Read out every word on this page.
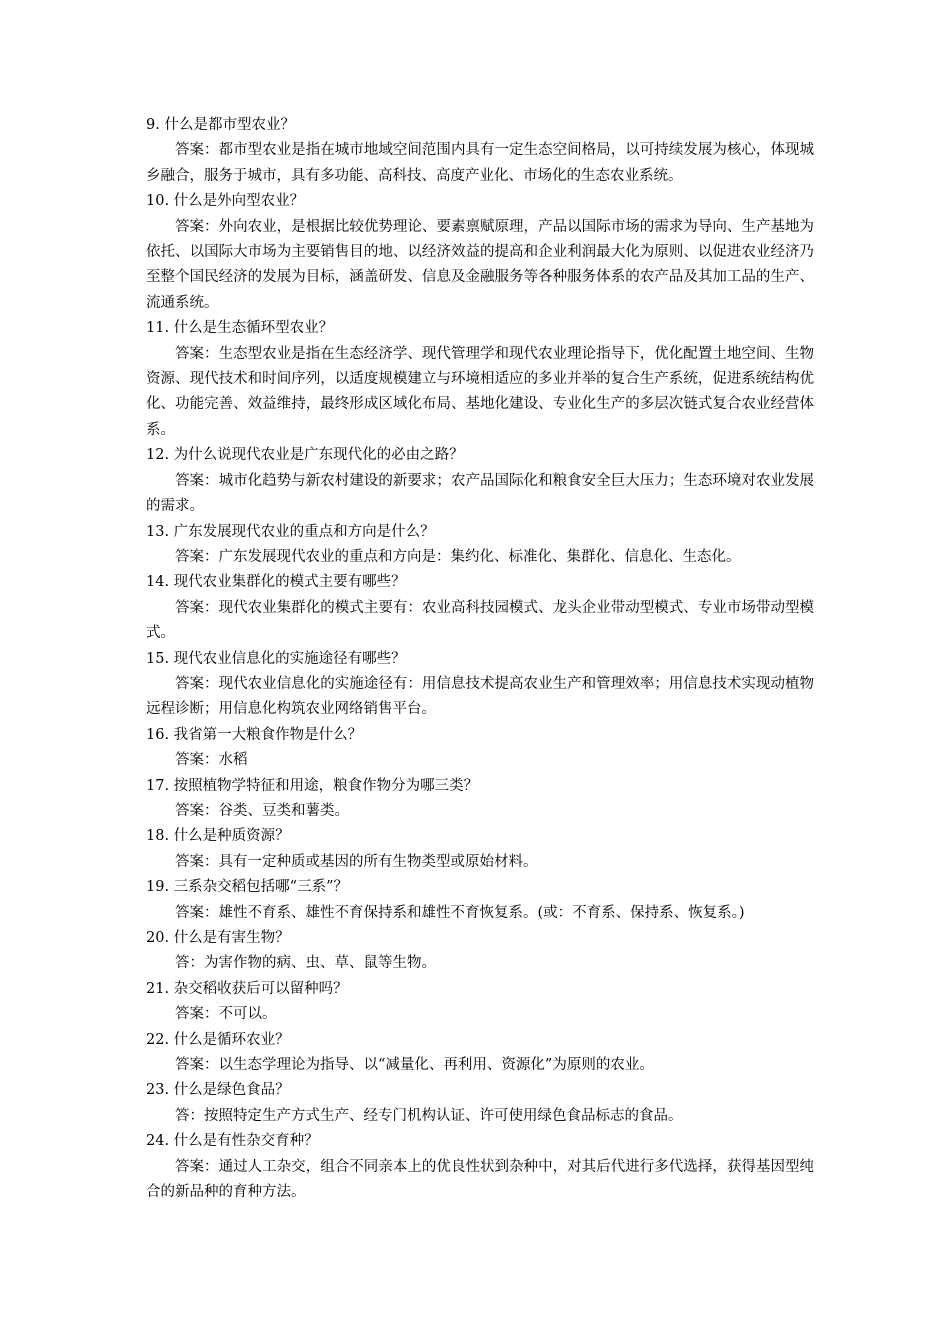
9. 什么是都市型农业？
答案：都市型农业是指在城市地域空间范围内具有一定生态空间格局，以可持续发展为核心，体现城乡融合，服务于城市，具有多功能、高科技、高度产业化、市场化的生态农业系统。
10. 什么是外向型农业？
答案：外向农业，是根据比较优势理论、要素禀赋原理，产品以国际市场的需求为导向、生产基地为依托、以国际大市场为主要销售目的地、以经济效益的提高和企业利润最大化为原则、以促进农业经济乃至整个国民经济的发展为目标，涵盖研发、信息及金融服务等各种服务体系的农产品及其加工品的生产、流通系统。
11. 什么是生态循环型农业？
答案：生态型农业是指在生态经济学、现代管理学和现代农业理论指导下，优化配置土地空间、生物资源、现代技术和时间序列，以适度规模建立与环境相适应的多业并举的复合生产系统，促进系统结构优化、功能完善、效益维持，最终形成区域化布局、基地化建设、专业化生产的多层次链式复合农业经营体系。
12. 为什么说现代农业是广东现代化的必由之路？
答案：城市化趋势与新农村建设的新要求；农产品国际化和粮食安全巨大压力；生态环境对农业发展的需求。
13. 广东发展现代农业的重点和方向是什么？
答案：广东发展现代农业的重点和方向是：集约化、标准化、集群化、信息化、生态化。
14. 现代农业集群化的模式主要有哪些？
答案：现代农业集群化的模式主要有：农业高科技园模式、龙头企业带动型模式、专业市场带动型模式。
15. 现代农业信息化的实施途径有哪些？
答案：现代农业信息化的实施途径有：用信息技术提高农业生产和管理效率；用信息技术实现动植物远程诊断；用信息化构筑农业网络销售平台。
16. 我省第一大粮食作物是什么？
答案：水稻
17. 按照植物学特征和用途，粮食作物分为哪三类？
答案：谷类、豆类和薯类。
18. 什么是种质资源？
答案：具有一定种质或基因的所有生物类型或原始材料。
19. 三系杂交稻包括哪“三系”？
答案：雄性不育系、雄性不育保持系和雄性不育恢复系。(或：不育系、保持系、恢复系。)
20. 什么是有害生物？
答：为害作物的病、虫、草、鼠等生物。
21. 杂交稻收获后可以留种吗？
答案：不可以。
22. 什么是循环农业？
答案：以生态学理论为指导、以“减量化、再利用、资源化”为原则的农业。
23. 什么是绿色食品？
答：按照特定生产方式生产、经专门机构认证、许可使用绿色食品标志的食品。
24. 什么是有性杂交育种？
答案：通过人工杂交，组合不同亲本上的优良性状到杂种中，对其后代进行多代选择，获得基因型纯合的新品种的育种方法。
